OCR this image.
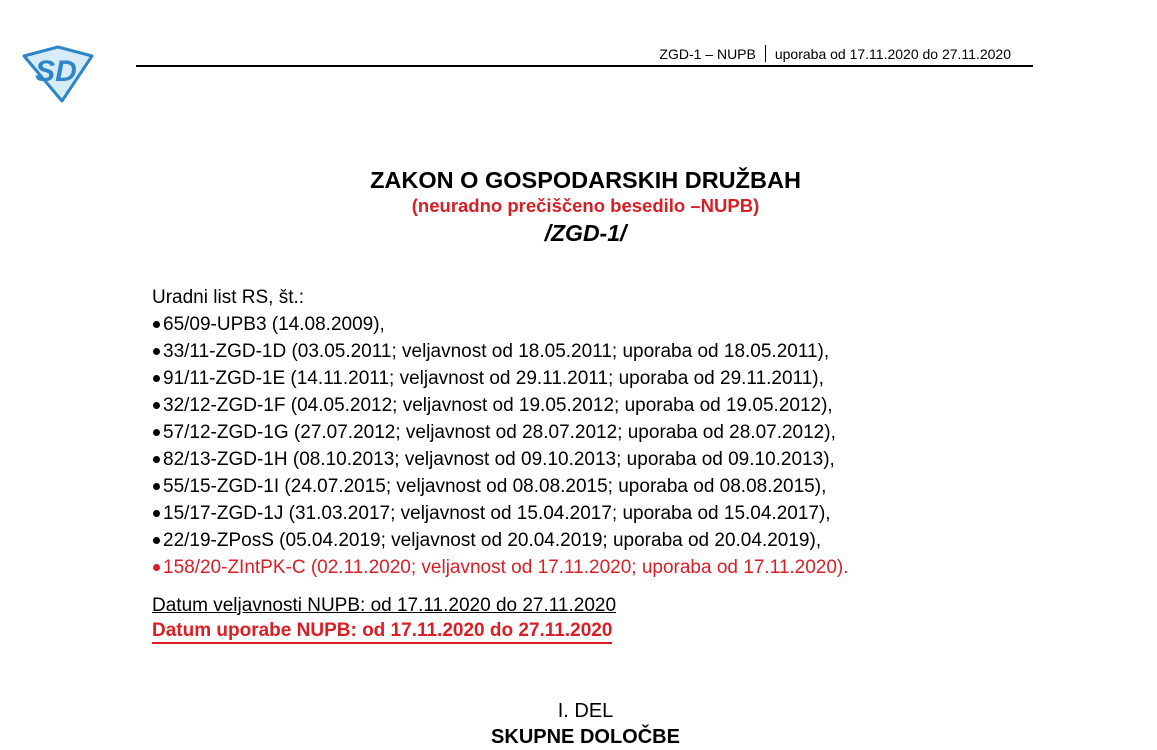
SD
ZGD-1 – NUPB uporaba od 17.11.2020 do 27.11.2020
ZAKON O GOSPODARSKIH DRUŽBAH
(neuradno prečiščeno besedilo –NUPB)
/ZGD-1/
Uradni list RS, št.:
65/09-UPB3 (14.08.2009),
33/11-ZGD-1D (03.05.2011; veljavnost od 18.05.2011; uporaba od 18.05.2011),
91/11-ZGD-1E (14.11.2011; veljavnost od 29.11.2011; uporaba od 29.11.2011),
32/12-ZGD-1F (04.05.2012; veljavnost od 19.05.2012; uporaba od 19.05.2012),
57/12-ZGD-1G (27.07.2012; veljavnost od 28.07.2012; uporaba od 28.07.2012),
82/13-ZGD-1H (08.10.2013; veljavnost od 09.10.2013; uporaba od 09.10.2013),
55/15-ZGD-1I (24.07.2015; veljavnost od 08.08.2015; uporaba od 08.08.2015),
15/17-ZGD-1J (31.03.2017; veljavnost od 15.04.2017; uporaba od 15.04.2017),
22/19-ZPosS (05.04.2019; veljavnost od 20.04.2019; uporaba od 20.04.2019),
158/20-ZIntPK-C (02.11.2020; veljavnost od 17.11.2020; uporaba od 17.11.2020).
Datum veljavnosti NUPB: od 17.11.2020 do 27.11.2020
Datum uporabe NUPB: od 17.11.2020 do 27.11.2020
I. DEL
SKUPNE DOLOČBE
